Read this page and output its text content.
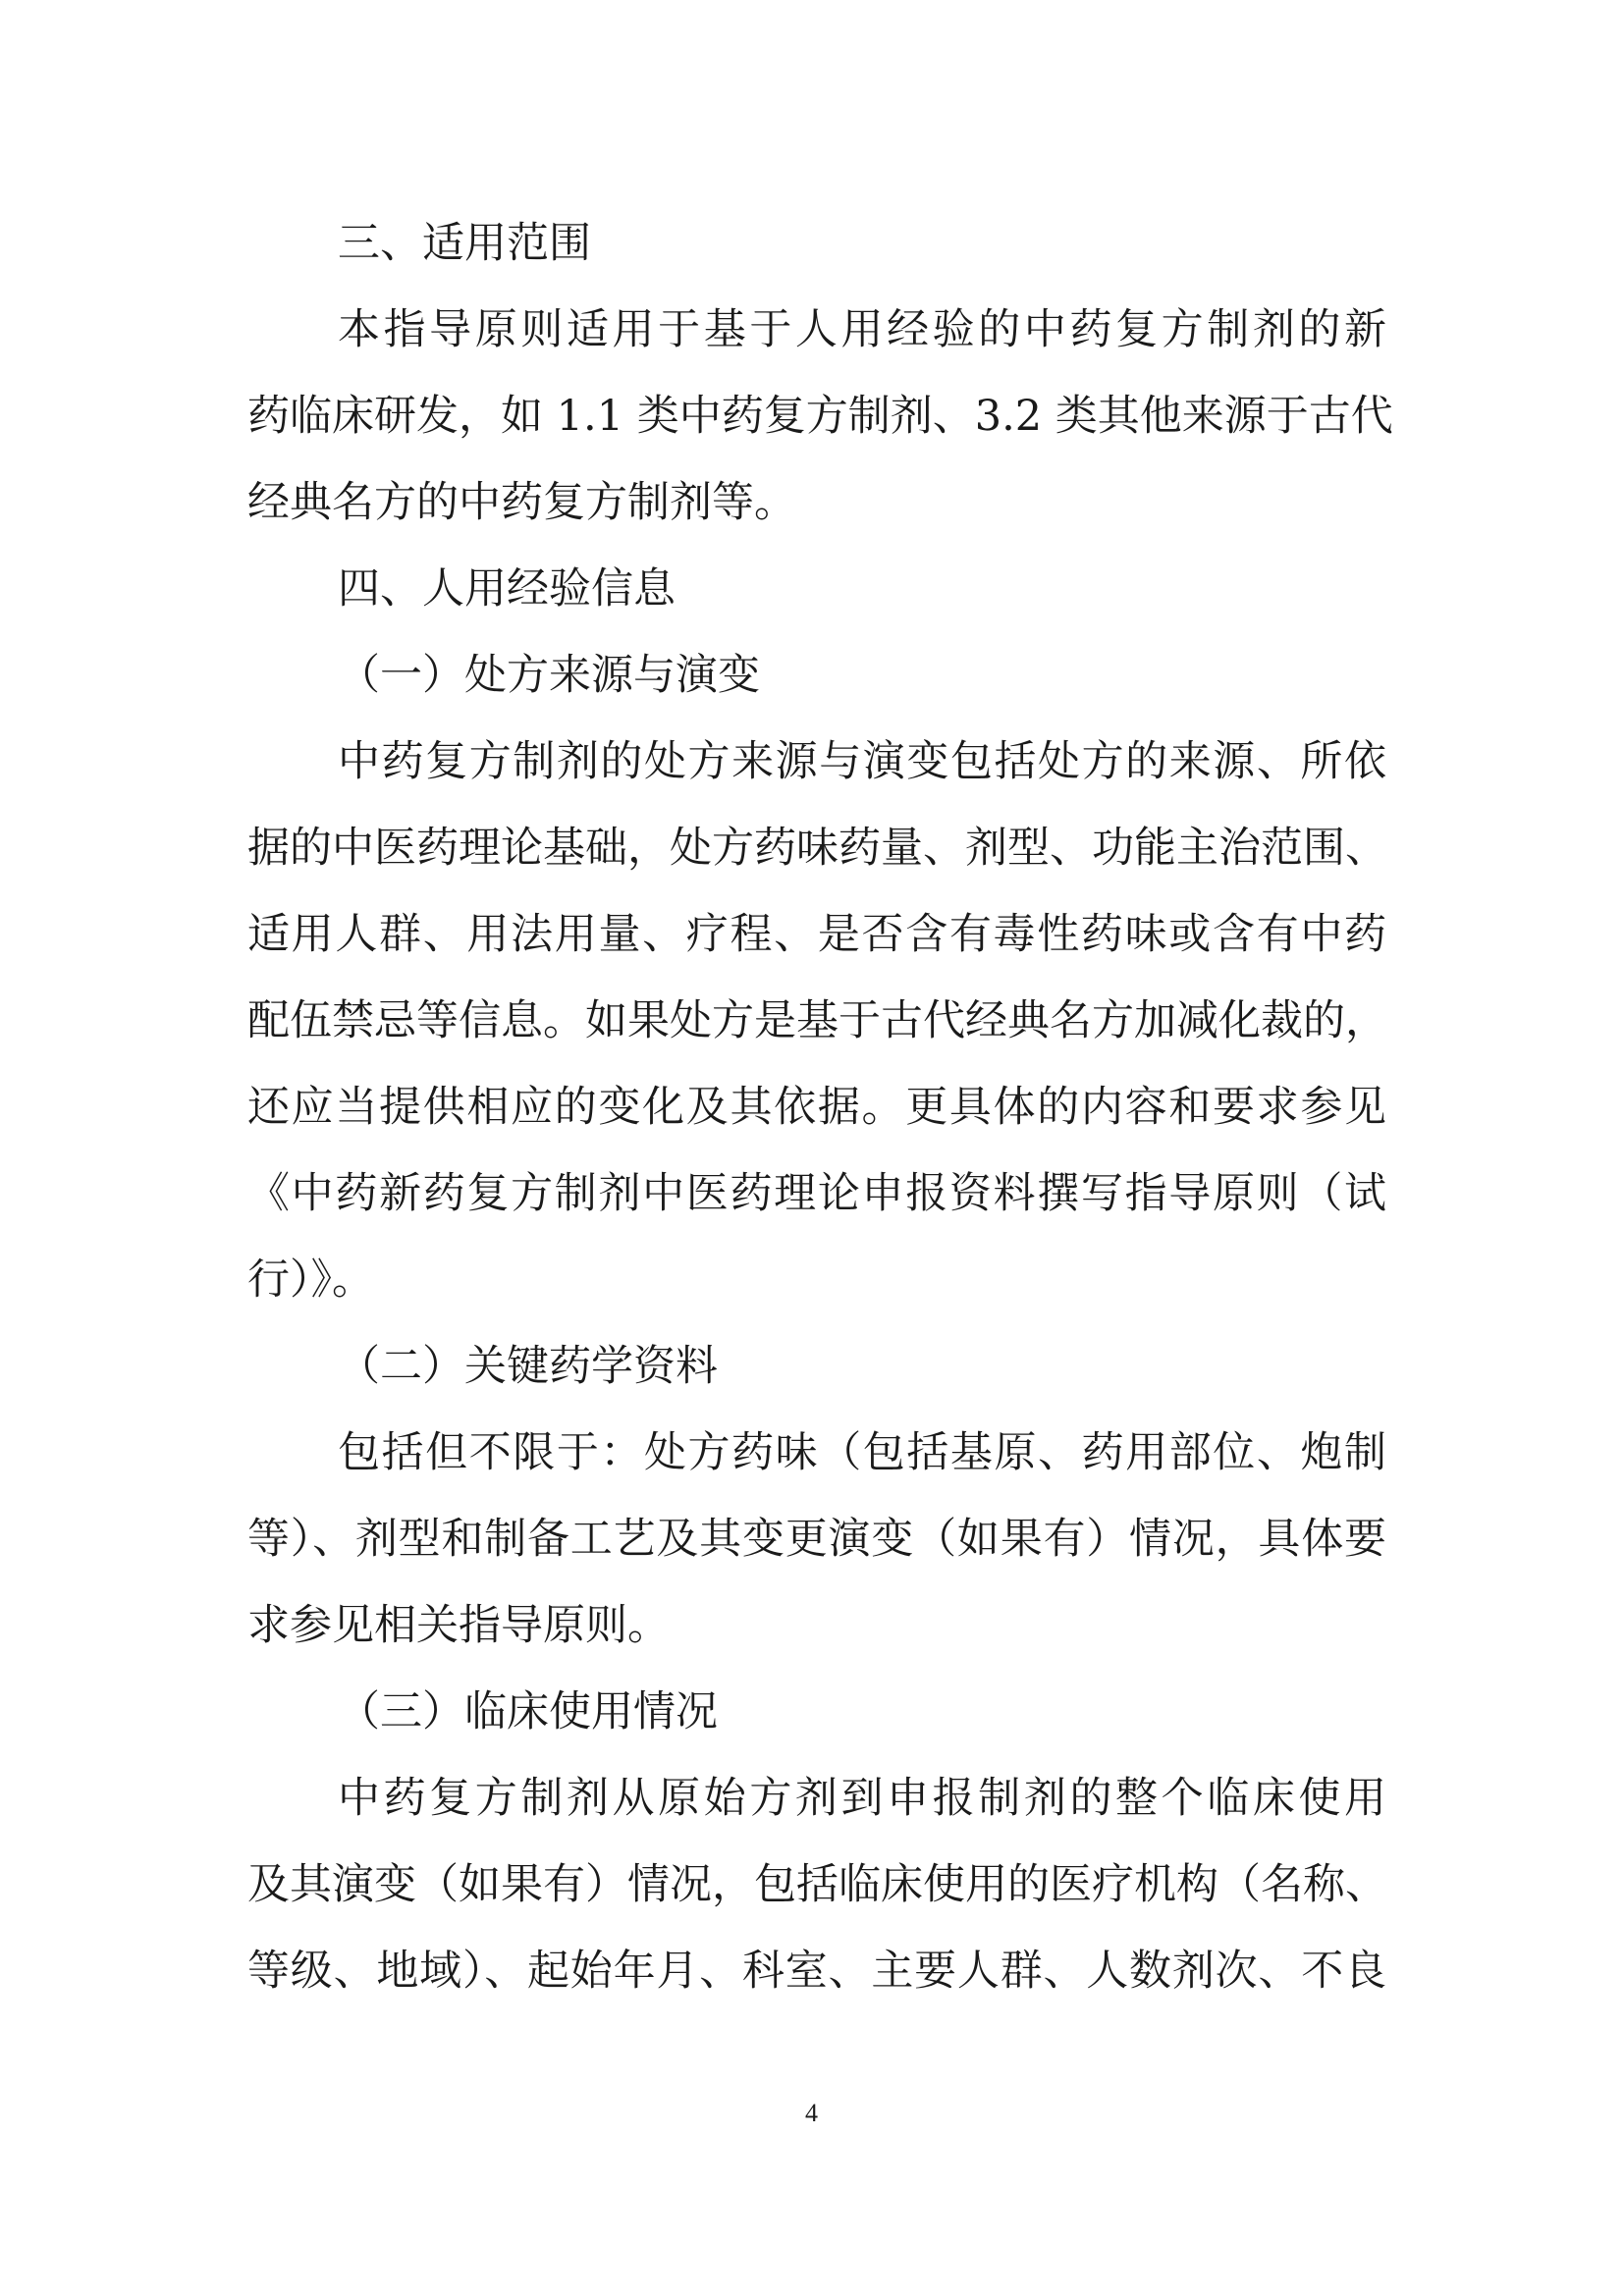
三、适用范围
本指导原则适用于基于人用经验的中药复方制剂的新
药临床研发，如 1.1 类中药复方制剂、3.2 类其他来源于古代
经典名方的中药复方制剂等。
四、人用经验信息
（一）处方来源与演变
中药复方制剂的处方来源与演变包括处方的来源、所依
据的中医药理论基础，处方药味药量、剂型、功能主治范围、
适用人群、用法用量、疗程、是否含有毒性药味或含有中药
配伍禁忌等信息。如果处方是基于古代经典名方加减化裁的，
还应当提供相应的变化及其依据。更具体的内容和要求参见
《中药新药复方制剂中医药理论申报资料撰写指导原则（试
行）》。
（二）关键药学资料
包括但不限于：处方药味（包括基原、药用部位、炮制
等）、剂型和制备工艺及其变更演变（如果有）情况，具体要
求参见相关指导原则。
（三）临床使用情况
中药复方制剂从原始方剂到申报制剂的整个临床使用
及其演变（如果有）情况，包括临床使用的医疗机构（名称、
等级、地域）、起始年月、科室、主要人群、人数剂次、不良
4
